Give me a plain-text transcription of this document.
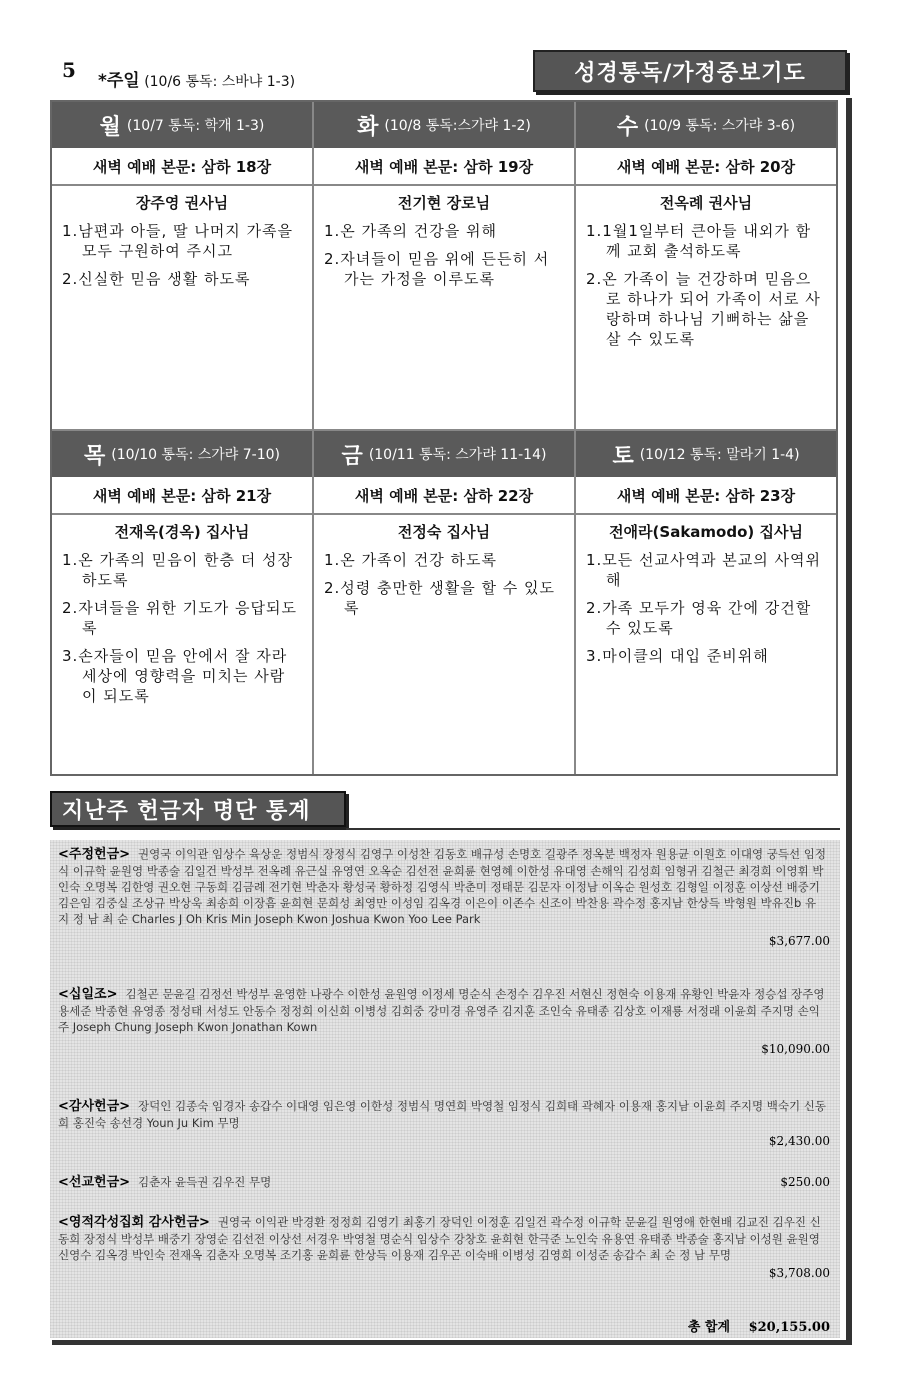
5 *주일 (10/6 통독: 스바냐 1-3)	성경통독/가정중보기도
월 (10/7 통독: 학개 1-3)
새벽 예배 본문: 삼하 18장
장주영 권사님
1.남편과 아들, 딸 나머지 가족을 모두 구원하여 주시고
2.신실한 믿음 생활 하도록
화 (10/8 통독:스가랴 1-2)
새벽 예배 본문: 삼하 19장
전기현 장로님
1.온 가족의 건강을 위해
2.자녀들이 믿음 위에 든든히 서가는 가정을 이루도록
수 (10/9 통독: 스가랴 3-6)
새벽 예배 본문: 삼하 20장
전옥례 권사님
1.1월1일부터 큰아들 내외가 함께 교회 출석하도록
2.온 가족이 늘 건강하며 믿음으로 하나가 되어 가족이 서로 사랑하며 하나님 기뻐하는 삶을 살 수 있도록
목 (10/10 통독: 스가랴 7-10)
새벽 예배 본문: 삼하 21장
전재옥(경옥) 집사님
1.온 가족의 믿음이 한층 더 성장하도록
2.자녀들을 위한 기도가 응답되도록
3.손자들이 믿음 안에서 잘 자라 세상에 영향력을 미치는 사람이 되도록
금 (10/11 통독: 스가랴 11-14)
새벽 예배 본문: 삼하 22장
전정숙 집사님
1.온 가족이 건강 하도록
2.성령 충만한 생활을 할 수 있도록
토 (10/12 통독: 말라기 1-4)
새벽 예배 본문: 삼하 23장
전애라(Sakamodo) 집사님
1.모든 선교사역과 본교의 사역위해
2.가족 모두가 영육 간에 강건할 수 있도록
3.마이클의 대입 준비위해
지난주 헌금자 명단 통계
<주정헌금> 권영국 이익관 임상수 육상운 정범식 장정식 김영구 이성찬 김동호 배규성 손명호 길광주 정옥분 백정자 원용균 이원호 이대영 궁득선 임정식 이규학 윤원영 박종술 김일건 박성부 전옥례 유근실 유영연 오옥순 김선전 윤희륜 현영혜 이한성 유대영 손해익 김성희 임형귀 김철근 최경희 이영휘 박인숙 오명복 김한영 권오현 구동희 김금례 전기현 박춘자 황성국 황하정 김영식 박춘미 정태문 김문자 이정남 이옥순 원성호 김형일 이정훈 이상선 배중기 김은임 김중실 조상규 박상욱 최송희 이장흠 윤희현 문희성 최영만 이성임 김옥경 이은이 이존수 신조이 박찬용 곽수정 홍지남 한상득 박형원 박유진b 유 지 정 남 최 순 Charles J Oh Kris Min Joseph Kwon Joshua Kwon Yoo Lee Park
$3,677.00
<십일조> 김철곤 문윤길 김정선 박성부 윤영한 나광수 이한성 윤원영 이정세 명순식 손정수 김우진 서현신 정현숙 이용재 유황인 박윤자 정승섭 장주영 용세준 박종현 유영종 정성태 서성도 안동수 정정희 이신희 이병성 김희중 강미경 유영주 김지훈 조인숙 유태종 김상호 이재룡 서정래 이윤희 주지명 손익주 Joseph Chung Joseph Kwon Jonathan Kown
$10,090.00
<감사헌금> 장덕인 김종숙 임경자 송갑수 이대영 임은영 이한성 정범식 명연희 박영철 임정식 김희태 곽혜자 이용재 홍지남 이윤희 주지명 백숙기 신동희 홍진숙 송선경 Youn Ju Kim 무명
$2,430.00
<선교헌금> 김춘자 윤득권 김우진 무명	$250.00
<영적각성집회 감사헌금> 권영국 이익관 박경환 정정희 김영기 최홍기 장덕인 이정훈 김일건 곽수정 이규학 문윤길 원영애 한현배 김교진 김우진 신동희 장정식 박성부 배중기 장영순 김선전 이상선 서경우 박영철 명순식 임상수 강창호 윤희현 한극준 노인숙 유용연 유태종 박종술 홍지남 이성원 윤원영 신영수 김옥경 박인숙 전재옥 김춘자 오명복 조기홍 윤희륜 한상득 이용재 김우곤 이숙배 이병성 김영희 이성준 송갑수 최 순 정 남 무명
$3,708.00
총 합계 $20,155.00
